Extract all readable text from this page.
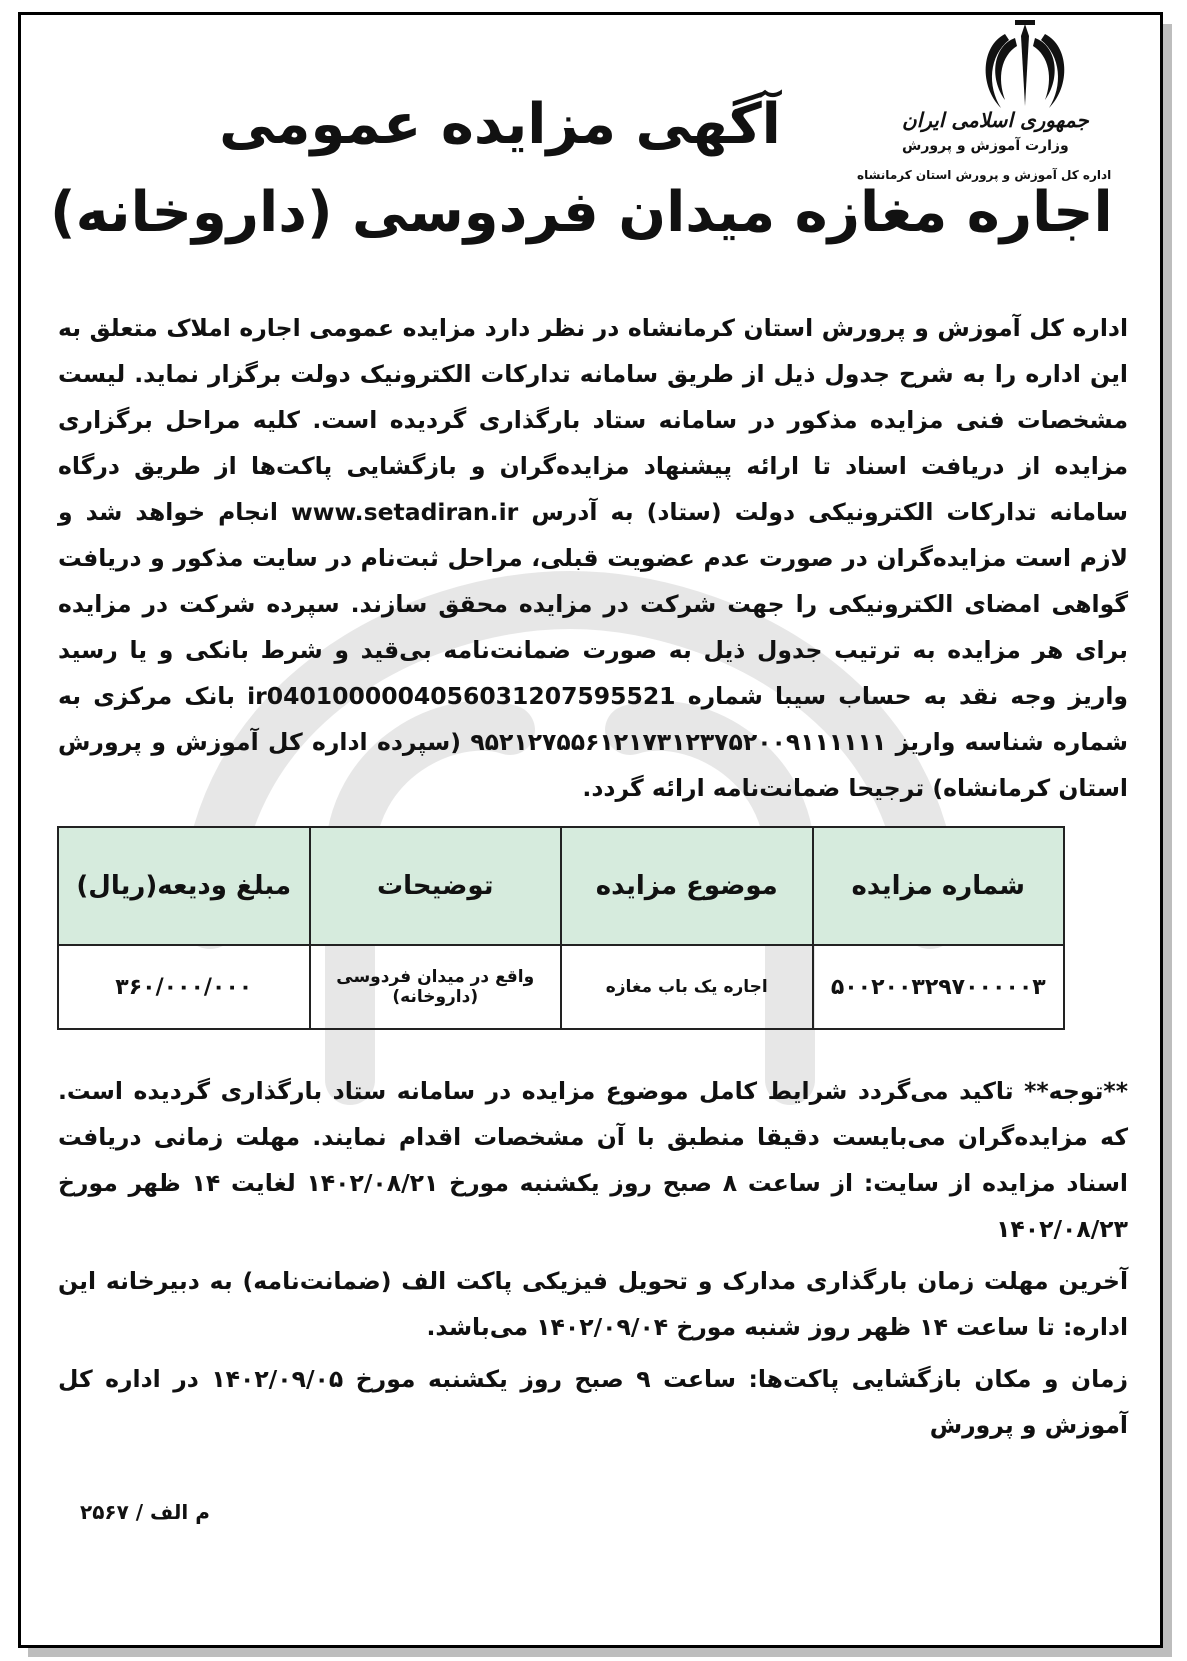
جمهوری اسلامی ایران
وزارت آموزش و پرورش
اداره کل آموزش و پرورش استان کرمانشاه
آگهی مزایده عمومی
اجاره مغازه میدان فردوسی (داروخانه)
اداره کل آموزش و پرورش استان کرمانشاه در نظر دارد مزایده عمومی اجاره املاک متعلق به این اداره را به شرح جدول ذیل از طریق سامانه تدارکات الکترونیک دولت برگزار نماید. لیست مشخصات فنی مزایده مذکور در سامانه ستاد بارگذاری گردیده است. کلیه مراحل برگزاری مزایده از دریافت اسناد تا ارائه پیشنهاد مزایده‌گران و بازگشایی پاکت‌ها از طریق درگاه سامانه تدارکات الکترونیکی دولت (ستاد) به آدرس www.setadiran.ir انجام خواهد شد و لازم است مزایده‌گران در صورت عدم عضویت قبلی، مراحل ثبت‌نام در سایت مذکور و دریافت گواهی امضای الکترونیکی را جهت شرکت در مزایده محقق سازند. سپرده شرکت در مزایده برای هر مزایده به ترتیب جدول ذیل به صورت ضمانت‌نامه بی‌قید و شرط بانکی و یا رسید واریز وجه نقد به حساب سیبا شماره ir040100000405603120759552​1 بانک مرکزی به شماره شناسه واریز ۹۵۲۱۲۷۵۵۶۱۲۱۷۳۱۲۳۷۵۲۰۰۹۱۱۱۱۱۱ (سپرده اداره کل آموزش و پرورش استان کرمانشاه) ترجیحا ضمانت‌نامه ارائه گردد.
شماره مزایده	موضوع مزایده	توضیحات	مبلغ ودیعه(ریال)
۵۰۰۲۰۰۳۲۹۷۰۰۰۰۰۳	اجاره یک باب مغازه	واقع در میدان فردوسی (داروخانه)	۳۶۰/۰۰۰/۰۰۰

**توجه** تاکید می‌گردد شرایط کامل موضوع مزایده در سامانه ستاد بارگذاری گردیده است. که مزایده‌گران می‌بایست دقیقا منطبق با آن مشخصات اقدام نمایند. مهلت زمانی دریافت اسناد مزایده از سایت: از ساعت ۸ صبح روز یکشنبه مورخ ۱۴۰۲/۰۸/۲۱ لغایت ۱۴ ظهر مورخ ۱۴۰۲/۰۸/۲۳

آخرین مهلت زمان بارگذاری مدارک و تحویل فیزیکی پاکت الف (ضمانت‌نامه) به دبیرخانه این اداره: تا ساعت ۱۴ ظهر روز شنبه مورخ ۱۴۰۲/۰۹/۰۴ می‌باشد.

زمان و مکان بازگشایی پاکت‌ها: ساعت ۹ صبح روز یکشنبه مورخ ۱۴۰۲/۰۹/۰۵ در اداره کل آموزش و پرورش

م الف / ۲۵۶۷
